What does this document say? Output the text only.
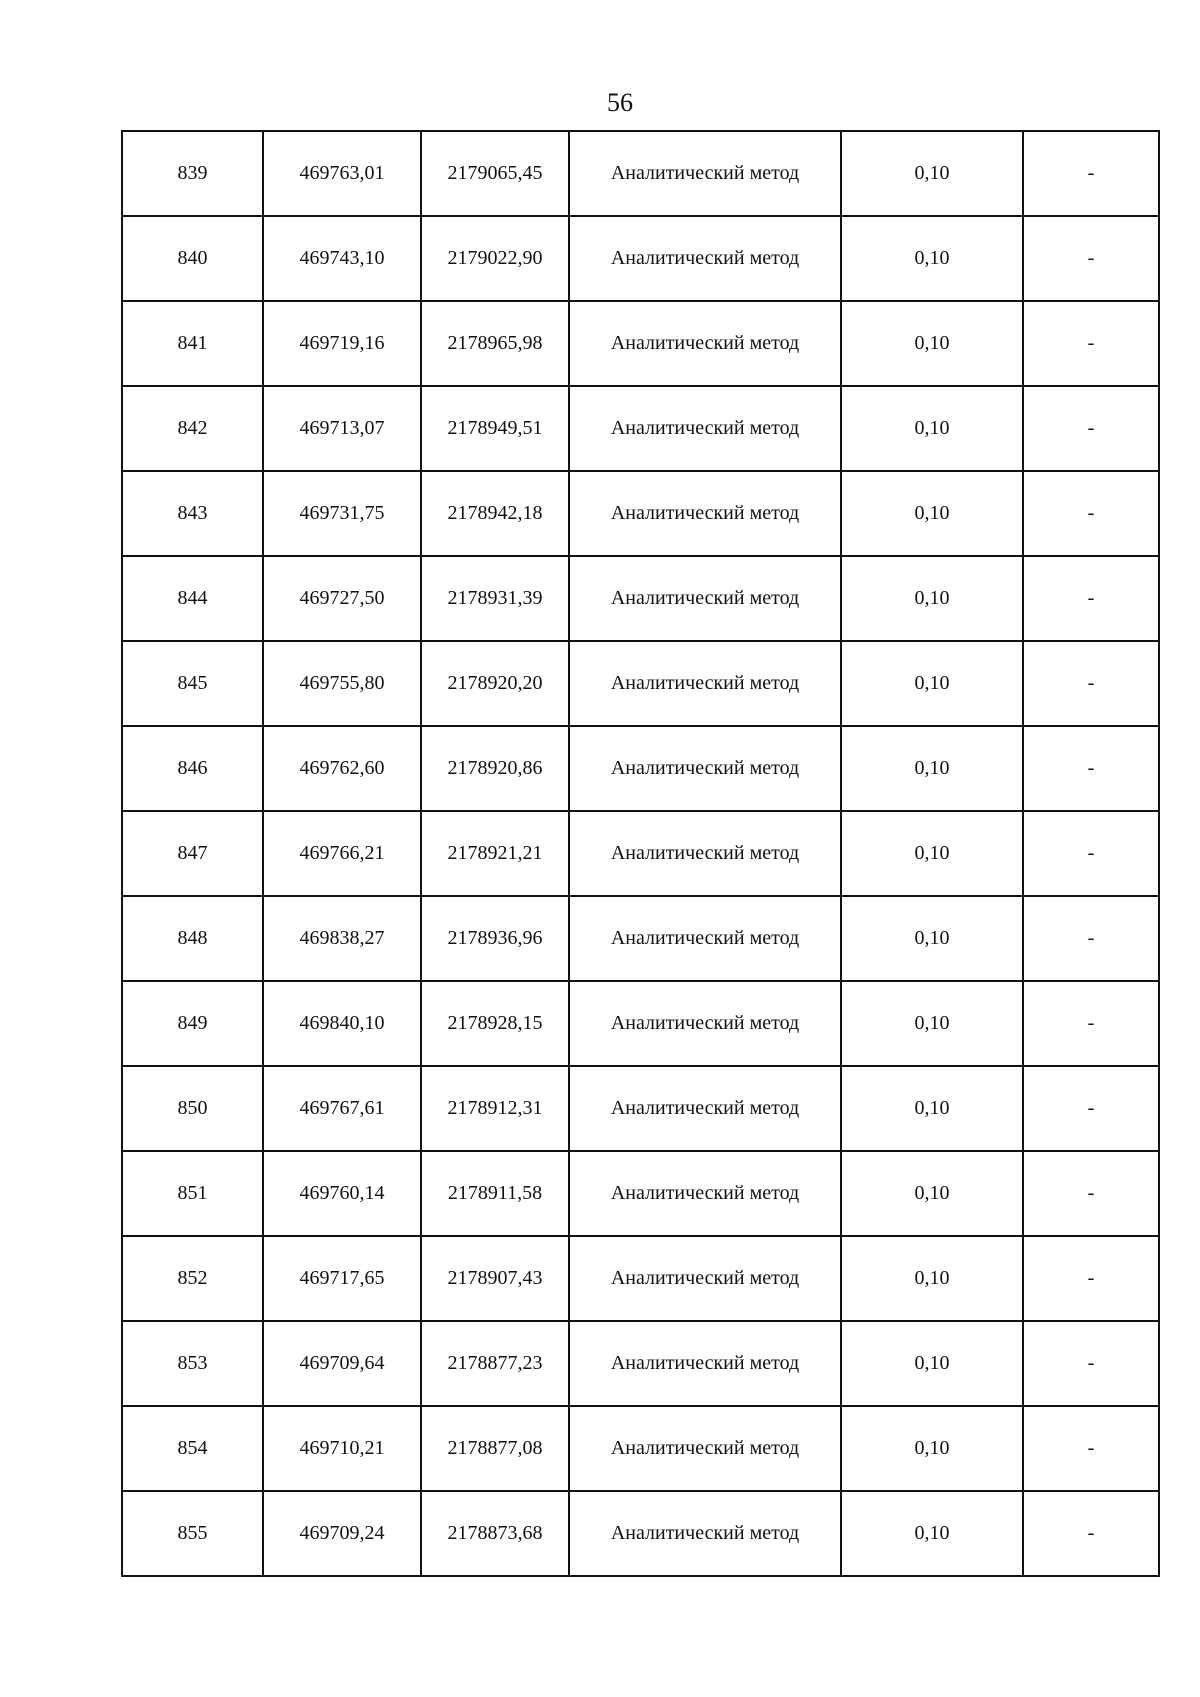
56
839	469763,01	2179065,45	Аналитический метод	0,10	-
840	469743,10	2179022,90	Аналитический метод	0,10	-
841	469719,16	2178965,98	Аналитический метод	0,10	-
842	469713,07	2178949,51	Аналитический метод	0,10	-
843	469731,75	2178942,18	Аналитический метод	0,10	-
844	469727,50	2178931,39	Аналитический метод	0,10	-
845	469755,80	2178920,20	Аналитический метод	0,10	-
846	469762,60	2178920,86	Аналитический метод	0,10	-
847	469766,21	2178921,21	Аналитический метод	0,10	-
848	469838,27	2178936,96	Аналитический метод	0,10	-
849	469840,10	2178928,15	Аналитический метод	0,10	-
850	469767,61	2178912,31	Аналитический метод	0,10	-
851	469760,14	2178911,58	Аналитический метод	0,10	-
852	469717,65	2178907,43	Аналитический метод	0,10	-
853	469709,64	2178877,23	Аналитический метод	0,10	-
854	469710,21	2178877,08	Аналитический метод	0,10	-
855	469709,24	2178873,68	Аналитический метод	0,10	-
